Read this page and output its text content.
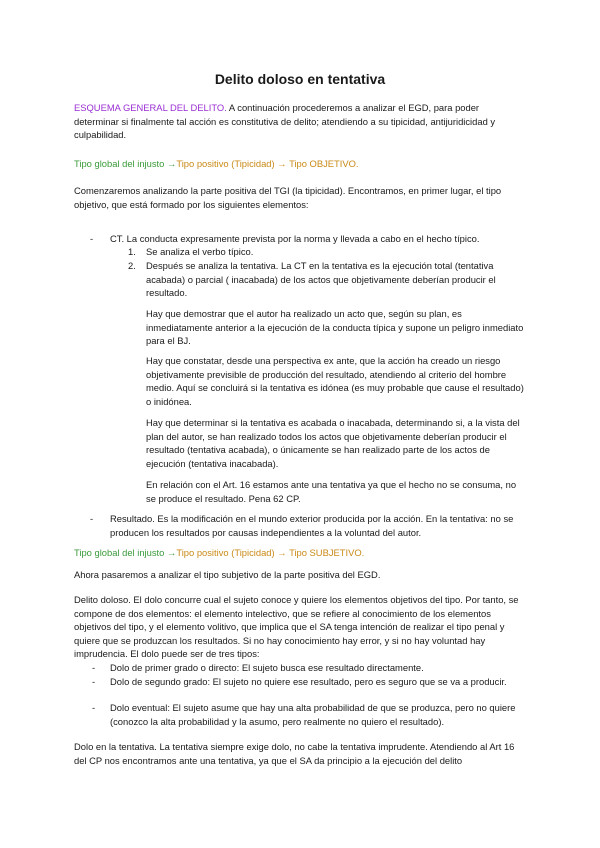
Delito doloso en tentativa

ESQUEMA GENERAL DEL DELITO. A continuación procederemos a analizar el EGD, para poder determinar si finalmente tal acción es constitutiva de delito; atendiendo a su tipicidad, antijuridicidad y culpabilidad.

Tipo global del injusto →Tipo positivo (Tipicidad) → Tipo OBJETIVO.

Comenzaremos analizando la parte positiva del TGI (la tipicidad). Encontramos, en primer lugar, el tipo objetivo, que está formado por los siguientes elementos:

- CT. La conducta expresamente prevista por la norma y llevada a cabo en el hecho típico.

1. Se analiza el verbo típico.

2. Después se analiza la tentativa. La CT en la tentativa es la ejecución total (tentativa acabada) o parcial ( inacabada) de los actos que objetivamente deberían producir el resultado.

Hay que demostrar que el autor ha realizado un acto que, según su plan, es inmediatamente anterior a la ejecución de la conducta típica y supone un peligro inmediato para el BJ.

Hay que constatar, desde una perspectiva ex ante, que la acción ha creado un riesgo objetivamente previsible de producción del resultado, atendiendo al criterio del hombre medio. Aquí se concluirá si la tentativa es idónea (es muy probable que cause el resultado) o inidónea.

Hay que determinar si la tentativa es acabada o inacabada, determinando si, a la vista del plan del autor, se han realizado todos los actos que objetivamente deberían producir el resultado (tentativa acabada), o únicamente se han realizado parte de los actos de ejecución (tentativa inacabada).

En relación con el Art. 16 estamos ante una tentativa ya que el hecho no se consuma, no se produce el resultado. Pena 62 CP.

- Resultado. Es la modificación en el mundo exterior producida por la acción. En la tentativa: no se producen los resultados por causas independientes a la voluntad del autor.

Tipo global del injusto →Tipo positivo (Tipicidad) → Tipo SUBJETIVO.

Ahora pasaremos a analizar el tipo subjetivo de la parte positiva del EGD.

Delito doloso. El dolo concurre cual el sujeto conoce y quiere los elementos objetivos del tipo. Por tanto, se compone de dos elementos: el elemento intelectivo, que se refiere al conocimiento de los elementos objetivos del tipo, y el elemento volitivo, que implica que el SA tenga intención de realizar el tipo penal y quiere que se produzcan los resultados. Si no hay conocimiento hay error, y si no hay voluntad hay imprudencia. El dolo puede ser de tres tipos:

- Dolo de primer grado o directo: El sujeto busca ese resultado directamente.

- Dolo de segundo grado: El sujeto no quiere ese resultado, pero es seguro que se va a producir.

- Dolo eventual: El sujeto asume que hay una alta probabilidad de que se produzca, pero no quiere (conozco la alta probabilidad y la asumo, pero realmente no quiero el resultado).

Dolo en la tentativa. La tentativa siempre exige dolo, no cabe la tentativa imprudente. Atendiendo al Art 16 del CP nos encontramos ante una tentativa, ya que el SA da principio a la ejecución del delito
